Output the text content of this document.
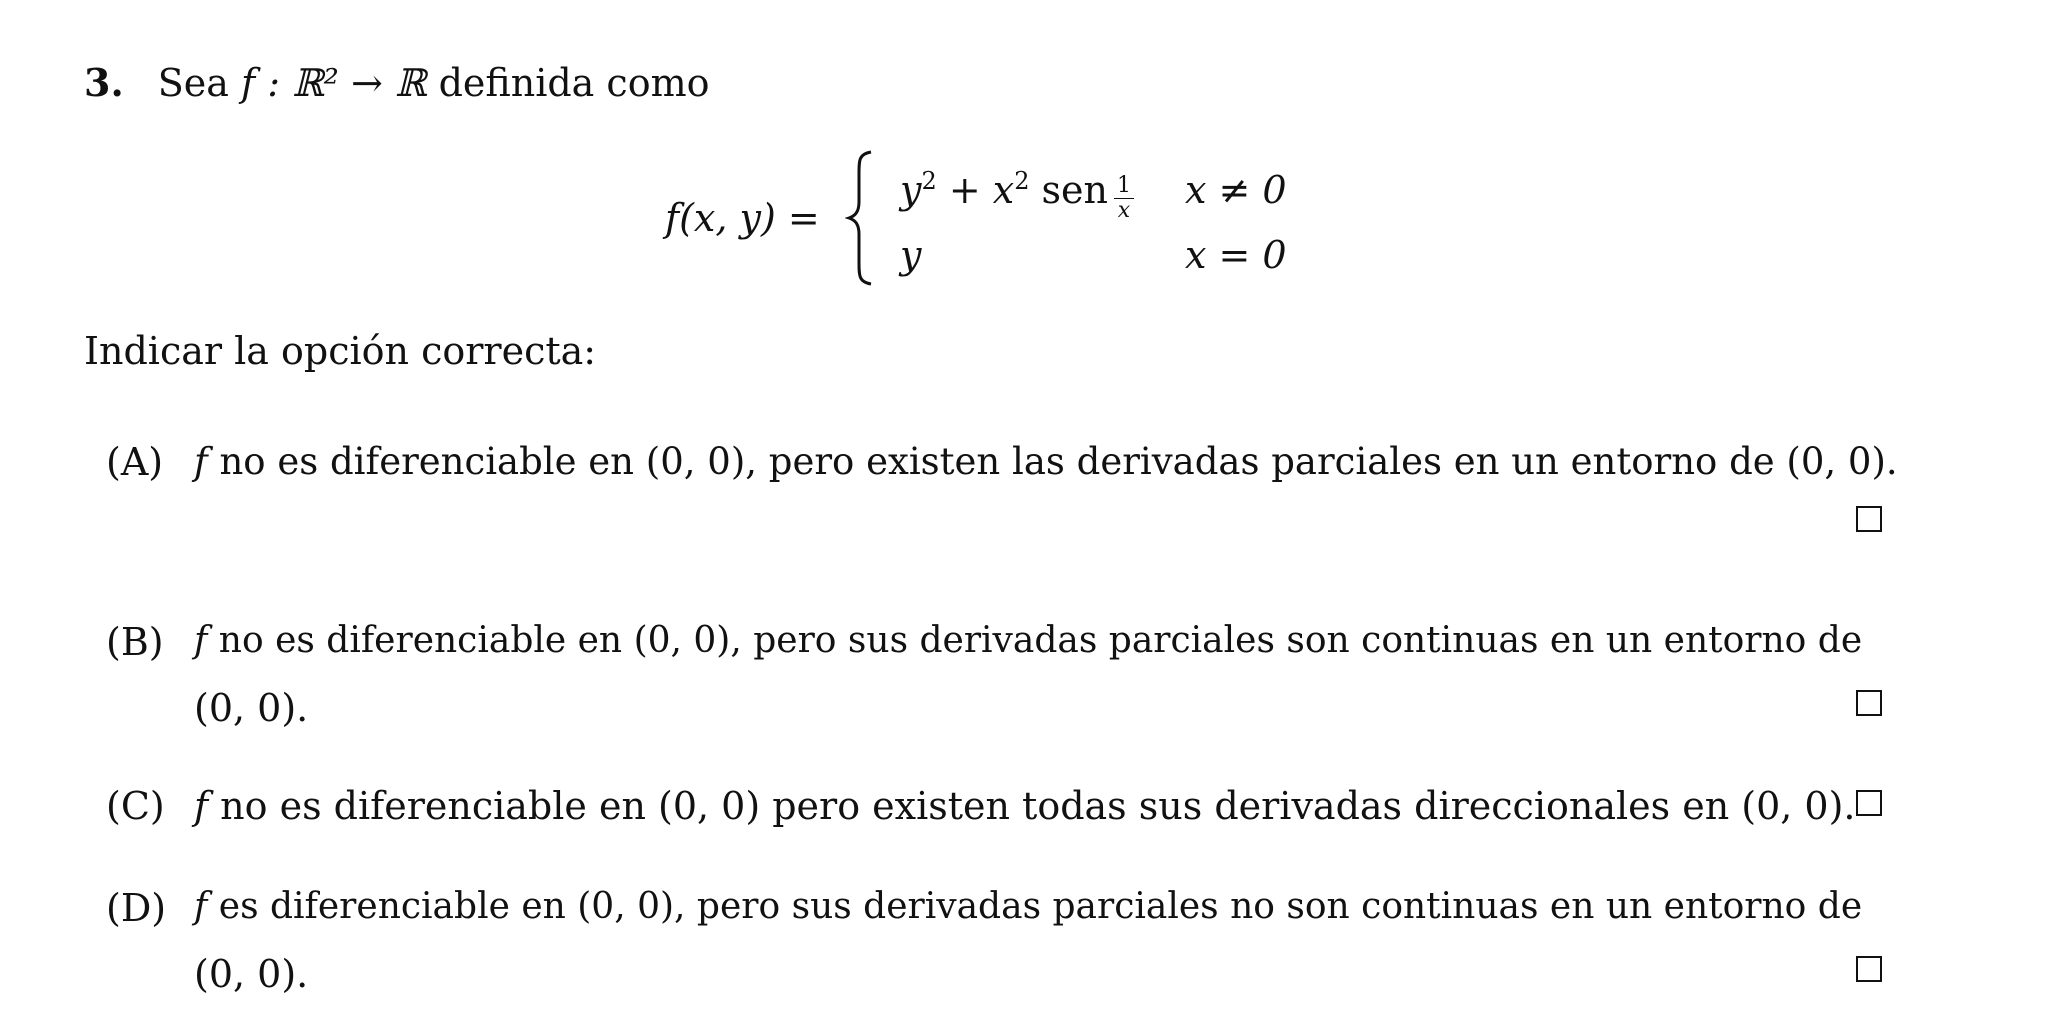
3. Sea f : ℝ² → ℝ definida como
f(x, y) =
$y^2 + x^2$ sen $\frac{1}{x}$ x ≠ 0
y	x = 0
Indicar la opción correcta:
(A) f no es diferenciable en (0, 0), pero existen las derivadas parciales en un entorno de (0, 0).
(B) f no es diferenciable en (0, 0), pero sus derivadas parciales son continuas en un entorno de
(0, 0).
(C) f no es diferenciable en (0, 0) pero existen todas sus derivadas direccionales en (0, 0).
(D) f es diferenciable en (0, 0), pero sus derivadas parciales no son continuas en un entorno de
(0, 0).
